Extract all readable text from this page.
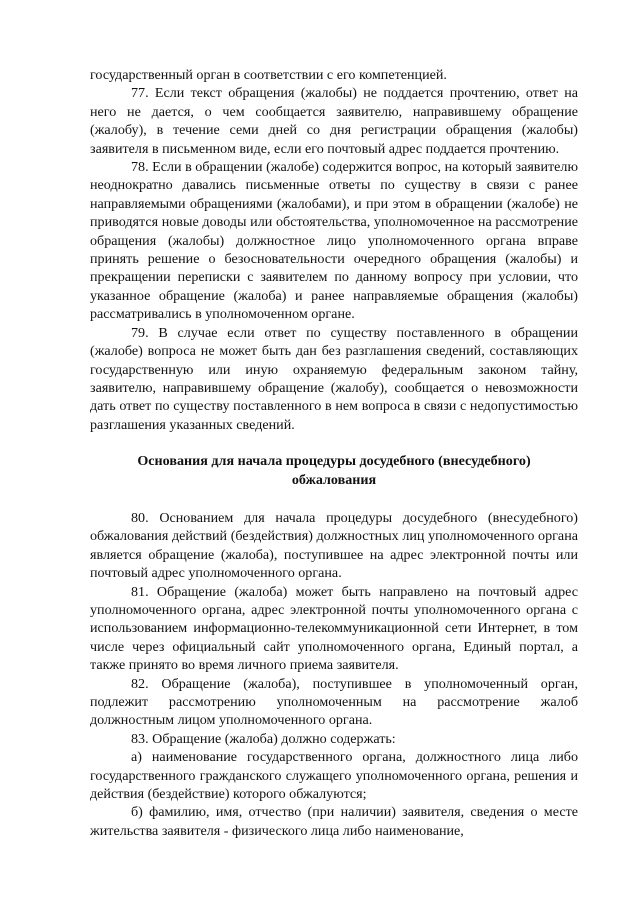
государственный орган в соответствии с его компетенцией.

77. Если текст обращения (жалобы) не поддается прочтению, ответ на него не дается, о чем сообщается заявителю, направившему обращение (жалобу), в течение семи дней со дня регистрации обращения (жалобы) заявителя в письменном виде, если его почтовый адрес поддается прочтению.

78. Если в обращении (жалобе) содержится вопрос, на который заявителю неоднократно давались письменные ответы по существу в связи с ранее направляемыми обращениями (жалобами), и при этом в обращении (жалобе) не приводятся новые доводы или обстоятельства, уполномоченное на рассмотрение обращения (жалобы) должностное лицо уполномоченного органа вправе принять решение о безосновательности очередного обращения (жалобы) и прекращении переписки с заявителем по данному вопросу при условии, что указанное обращение (жалоба) и ранее направляемые обращения (жалобы) рассматривались в уполномоченном органе.

79. В случае если ответ по существу поставленного в обращении (жалобе) вопроса не может быть дан без разглашения сведений, составляющих государственную или иную охраняемую федеральным законом тайну, заявителю, направившему обращение (жалобу), сообщается о невозможности дать ответ по существу поставленного в нем вопроса в связи с недопустимостью разглашения указанных сведений.

Основания для начала процедуры досудебного (внесудебного) обжалования

80. Основанием для начала процедуры досудебного (внесудебного) обжалования действий (бездействия) должностных лиц уполномоченного органа является обращение (жалоба), поступившее на адрес электронной почты или почтовый адрес уполномоченного органа.

81. Обращение (жалоба) может быть направлено на почтовый адрес уполномоченного органа, адрес электронной почты уполномоченного органа с использованием информационно-телекоммуникационной сети Интернет, в том числе через официальный сайт уполномоченного органа, Единый портал, а также принято во время личного приема заявителя.

82. Обращение (жалоба), поступившее в уполномоченный орган, подлежит рассмотрению уполномоченным на рассмотрение жалоб должностным лицом уполномоченного органа.

83. Обращение (жалоба) должно содержать:

а) наименование государственного органа, должностного лица либо государственного гражданского служащего уполномоченного органа, решения и действия (бездействие) которого обжалуются;

б) фамилию, имя, отчество (при наличии) заявителя, сведения о месте жительства заявителя - физического лица либо наименование,
